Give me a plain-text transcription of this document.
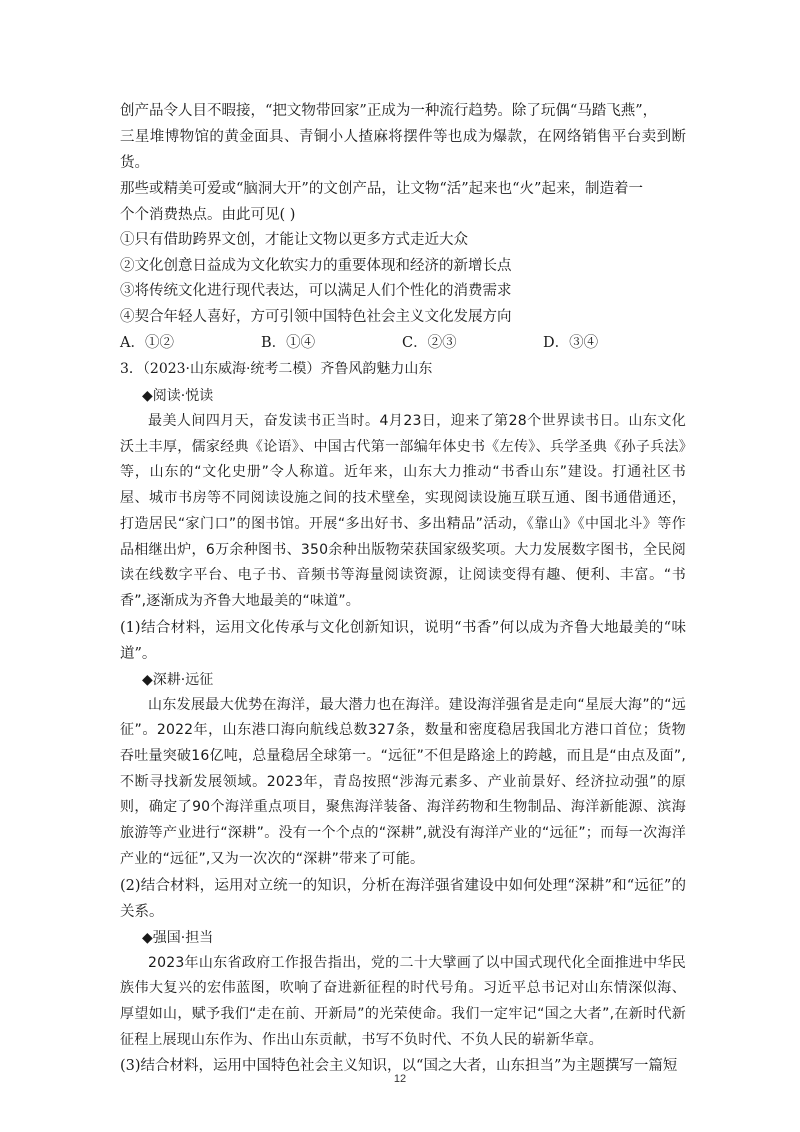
创产品令人目不暇接，“把文物带回家”正成为一种流行趋势。除了玩偶“马踏飞燕”，

三星堆博物馆的黄金面具、青铜小人揸麻将摆件等也成为爆款，在网络销售平台卖到断货。

那些或精美可爱或“脑洞大开”的文创产品，让文物“活”起来也“火”起来，制造着一

个个消费热点。由此可见( )

①只有借助跨界文创，才能让文物以更多方式走近大众

②文化创意日益成为文化软实力的重要体现和经济的新增长点

③将传统文化进行现代表达，可以满足人们个性化的消费需求

④契合年轻人喜好，方可引领中国特色社会主义文化发展方向

A．①②	B．①④	C．②③	D．③④

3．（2023·山东威海·统考二模）齐鲁风韵魅力山东

◆阅读·悦读

最美人间四月天，奋发读书正当时。4月23日，迎来了第28个世界读书日。山东文化沃土丰厚，儒家经典《论语》、中国古代第一部编年体史书《左传》、兵学圣典《孙子兵法》等，山东的“文化史册”令人称道。近年来，山东大力推动“书香山东”建设。打通社区书屋、城市书房等不同阅读设施之间的技术壁垒，实现阅读设施互联互通、图书通借通还，打造居民“家门口”的图书馆。开展“多出好书、多出精品”活动，《靠山》《中国北斗》等作品相继出炉，6万余种图书、350余种出版物荣获国家级奖项。大力发展数字图书，全民阅读在线数字平台、电子书、音频书等海量阅读资源，让阅读变得有趣、便利、丰富。“书香”,逐渐成为齐鲁大地最美的“味道”。

(1)结合材料，运用文化传承与文化创新知识，说明“书香”何以成为齐鲁大地最美的“味道”。

◆深耕·远征

山东发展最大优势在海洋，最大潜力也在海洋。建设海洋强省是走向“星辰大海”的“远征”。2022年，山东港口海向航线总数327条，数量和密度稳居我国北方港口首位；货物吞吐量突破16亿吨，总量稳居全球第一。“远征”不但是路途上的跨越，而且是“由点及面”,不断寻找新发展领域。2023年，青岛按照“涉海元素多、产业前景好、经济拉动强”的原则，确定了90个海洋重点项目，聚焦海洋装备、海洋药物和生物制品、海洋新能源、滨海旅游等产业进行“深耕”。没有一个个点的“深耕”,就没有海洋产业的“远征”；而每一次海洋产业的“远征”,又为一次次的“深耕”带来了可能。

(2)结合材料，运用对立统一的知识，分析在海洋强省建设中如何处理“深耕”和“远征”的关系。

◆强国·担当

2023年山东省政府工作报告指出，党的二十大擘画了以中国式现代化全面推进中华民族伟大复兴的宏伟蓝图，吹响了奋进新征程的时代号角。习近平总书记对山东情深似海、厚望如山，赋予我们“走在前、开新局”的光荣使命。我们一定牢记“国之大者”,在新时代新征程上展现山东作为、作出山东贡献，书写不负时代、不负人民的崭新华章。

(3)结合材料，运用中国特色社会主义知识，以“国之大者，山东担当”为主题撰写一篇短

12
